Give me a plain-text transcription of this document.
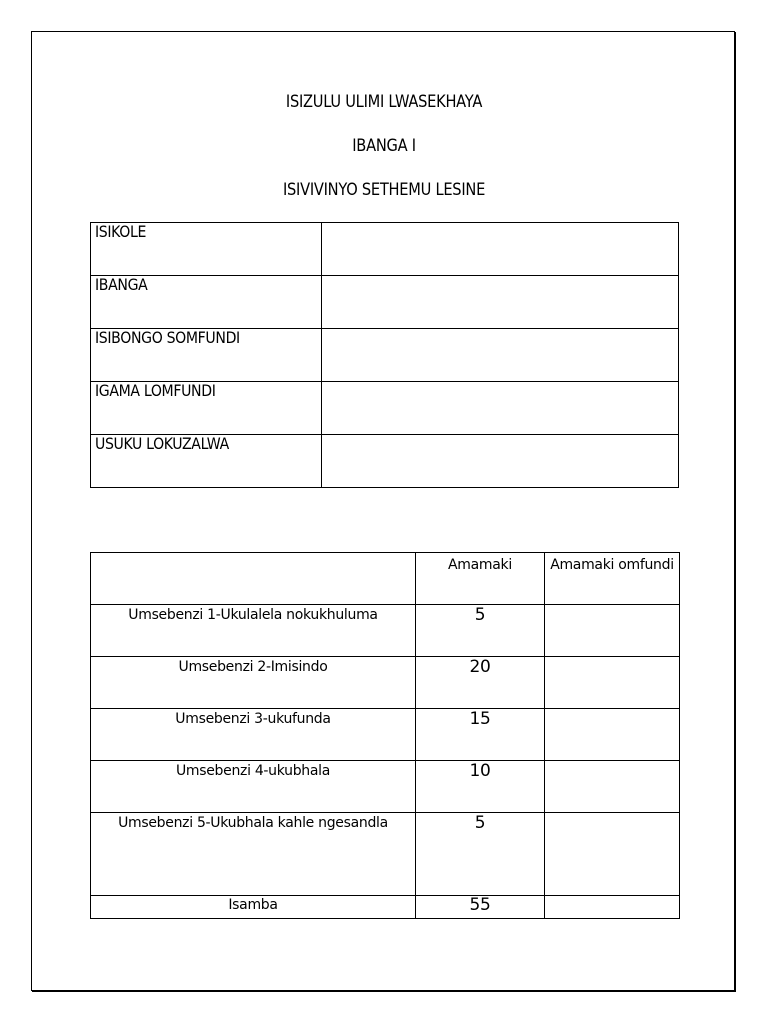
ISIZULU ULIMI LWASEKHAYA
IBANGA I
ISIVIVINYO SETHEMU LESINE
ISIKOLE	
IBANGA	
ISIBONGO SOMFUNDI	
IGAMA LOMFUNDI	
USUKU LOKUZALWA	
	Amamaki	Amamaki omfundi
Umsebenzi 1-Ukulalela nokukhuluma	5	
Umsebenzi 2-Imisindo	20	
Umsebenzi 3-ukufunda	15	
Umsebenzi 4-ukubhala	10	
Umsebenzi 5-Ukubhala kahle ngesandla	5	
Isamba	55	
